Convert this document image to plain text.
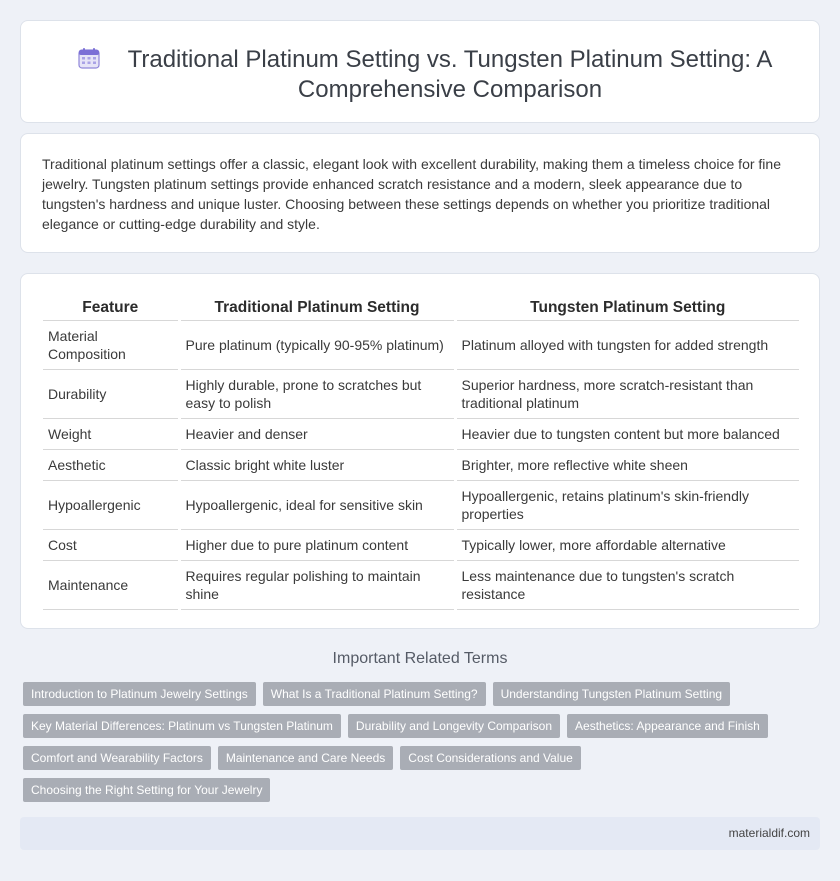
Traditional Platinum Setting vs. Tungsten Platinum Setting: A Comprehensive Comparison

Traditional platinum settings offer a classic, elegant look with excellent durability, making them a timeless choice for fine jewelry. Tungsten platinum settings provide enhanced scratch resistance and a modern, sleek appearance due to tungsten's hardness and unique luster. Choosing between these settings depends on whether you prioritize traditional elegance or cutting-edge durability and style.

Feature	Traditional Platinum Setting	Tungsten Platinum Setting
Material Composition	Pure platinum (typically 90-95% platinum)	Platinum alloyed with tungsten for added strength
Durability	Highly durable, prone to scratches but easy to polish	Superior hardness, more scratch-resistant than traditional platinum
Weight	Heavier and denser	Heavier due to tungsten content but more balanced
Aesthetic	Classic bright white luster	Brighter, more reflective white sheen
Hypoallergenic	Hypoallergenic, ideal for sensitive skin	Hypoallergenic, retains platinum's skin-friendly properties
Cost	Higher due to pure platinum content	Typically lower, more affordable alternative
Maintenance	Requires regular polishing to maintain shine	Less maintenance due to tungsten's scratch resistance
Important Related Terms
Introduction to Platinum Jewelry Settings	What Is a Traditional Platinum Setting?	Understanding Tungsten Platinum Setting
Key Material Differences: Platinum vs Tungsten Platinum	Durability and Longevity Comparison	Aesthetics: Appearance and Finish
Comfort and Wearability Factors	Maintenance and Care Needs	Cost Considerations and Value
Choosing the Right Setting for Your Jewelry
materialdif.com
